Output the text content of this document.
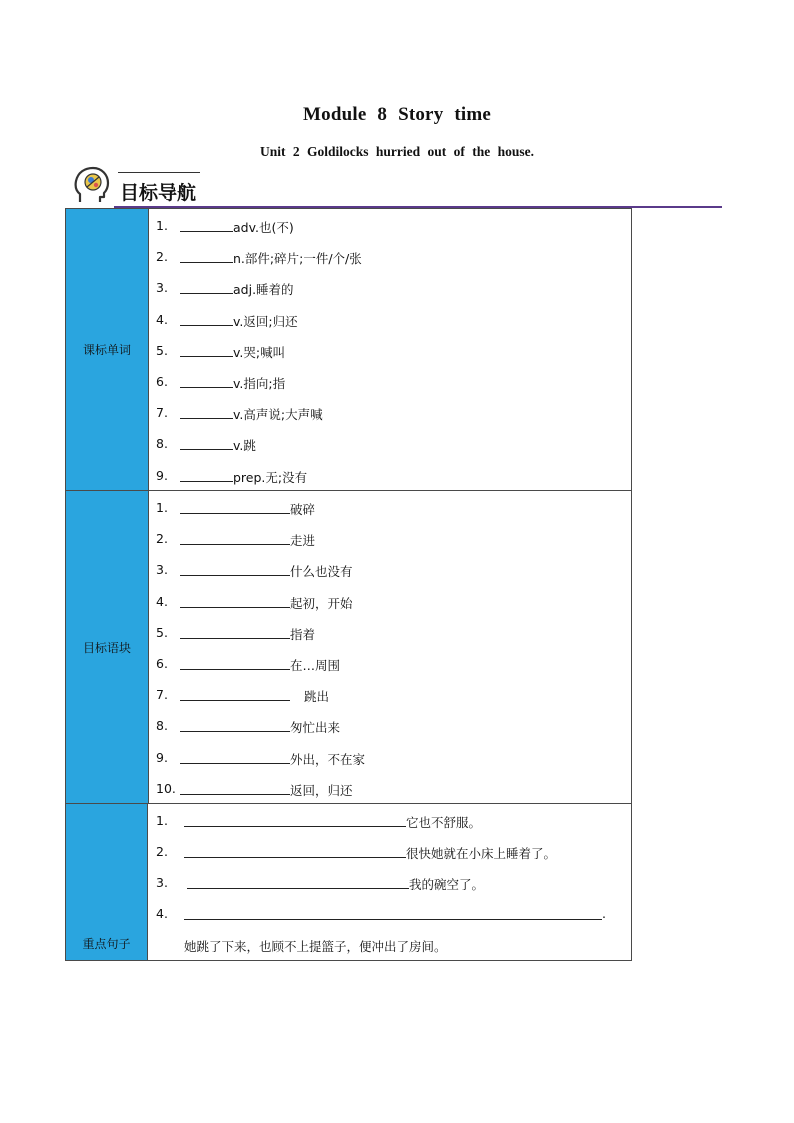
Module 8 Story time
Unit 2 Goldilocks hurried out of the house.
目标导航
课标单词
1.	adv.也(不)
2.	n.部件;碎片;一件/个/张
3.	adj.睡着的
4.	v.返回;归还
5.	v.哭;喊叫
6.	v.指向;指
7.	v.高声说;大声喊
8.	v.跳
9.	prep.无;没有
目标语块
1.	破碎
2.	走进
3.	什么也没有
4.	起初，开始
5.	指着
6.	在…周围
7.	跳出
8.	匆忙出来
9.	外出，不在家
10.	返回，归还
重点句子
1.	它也不舒服。
2.	很快她就在小床上睡着了。
3.	我的碗空了。
4.	.
她跳了下来，也顾不上提篮子，便冲出了房间。
